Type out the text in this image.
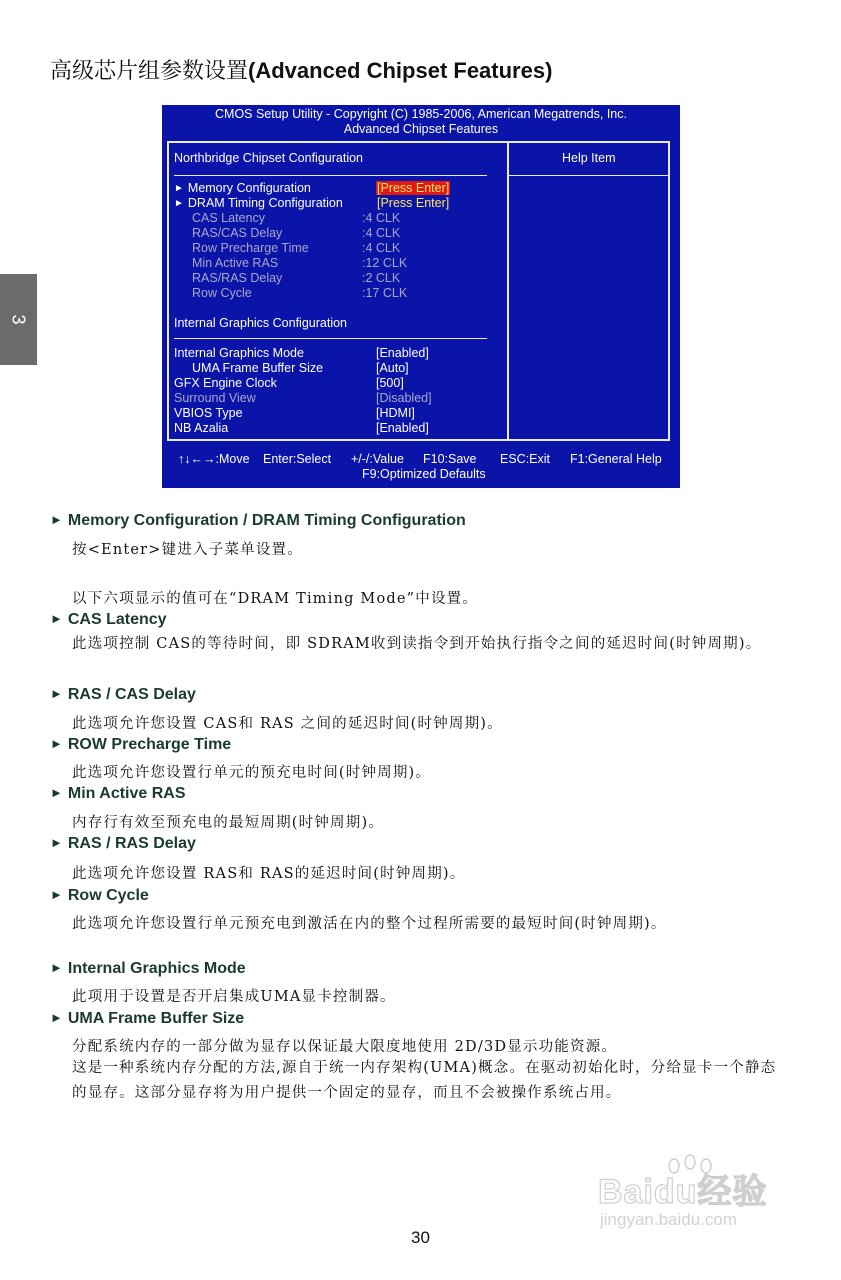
高级芯片组参数设置(Advanced Chipset Features)
3
CMOS Setup Utility - Copyright (C) 1985-2006, American Megatrends, Inc.
Advanced Chipset Features
Help Item
Northbridge Chipset Configuration
► Memory Configuration	[Press Enter]
► DRAM Timing Configuration	[Press Enter]
CAS Latency	:4 CLK
RAS/CAS Delay	:4 CLK
Row Precharge Time	:4 CLK
Min Active RAS	:12 CLK
RAS/RAS Delay	:2 CLK
Row Cycle	:17 CLK
Internal Graphics Configuration
Internal Graphics Mode	[Enabled]
UMA Frame Buffer Size	[Auto]
GFX Engine Clock	[500]
Surround View	[Disabled]
VBIOS Type	[HDMI]
NB Azalia	[Enabled]
↑↓←→:Move Enter:Select +/-/:Value F10:Save ESC:Exit F1:General Help
F9:Optimized Defaults
► Memory Configuration / DRAM Timing Configuration
按<Enter>键进入子菜单设置。
以下六项显示的值可在“DRAM Timing Mode”中设置。
► CAS Latency
此选项控制 CAS的等待时间，即 SDRAM收到读指令到开始执行指令之间的延迟时间(时钟周期)。
► RAS / CAS Delay
此选项允许您设置 CAS和 RAS 之间的延迟时间(时钟周期)。
► ROW Precharge Time
此选项允许您设置行单元的预充电时间(时钟周期)。
► Min Active RAS
内存行有效至预充电的最短周期(时钟周期)。
► RAS / RAS Delay
此选项允许您设置 RAS和 RAS的延迟时间(时钟周期)。
► Row Cycle
此选项允许您设置行单元预充电到激活在内的整个过程所需要的最短时间(时钟周期)。
► Internal Graphics Mode
此项用于设置是否开启集成UMA显卡控制器。
► UMA Frame Buffer Size
分配系统内存的一部分做为显存以保证最大限度地使用 2D/3D显示功能资源。
这是一种系统内存分配的方法,源自于统一内存架构(UMA)概念。在驱动初始化时，分给显卡一个静态的显存。这部分显存将为用户提供一个固定的显存，而且不会被操作系统占用。
Baidu经验
jingyan.baidu.com
30
